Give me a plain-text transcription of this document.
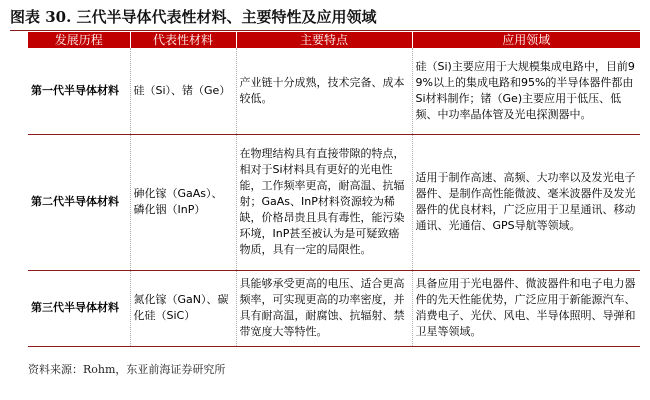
图表 30. 三代半导体代表性材料、主要特性及应用领域
发展历程	代表性材料	主要特点	应用领域
第一代半导体材料	硅（Si）、锗（Ge）	产业链十分成熟，技术完备、成本较低。	硅（Si)主要应用于大规模集成电路中，目前99%以上的集成电路和95%的半导体器件都由Si材料制作；锗（Ge)主要应用于低压、低频、中功率晶体管及光电探测器中。
第二代半导体材料	砷化镓（GaAs）、磷化铟（InP）	在物理结构具有直接带隙的特点，相对于Si材料具有更好的光电性能，工作频率更高，耐高温、抗辐射；GaAs、InP材料资源较为稀缺，价格昂贵且具有毒性，能污染环境，InP甚至被认为是可疑致癌物质，具有一定的局限性。	适用于制作高速、高频、大功率以及发光电子器件、是制作高性能微波、毫米波器件及发光器件的优良材料，广泛应用于卫星通讯、移动通讯、光通信、GPS导航等领域。
第三代半导体材料	氮化镓（GaN）、碳化硅（SiC）	具能够承受更高的电压、适合更高频率，可实现更高的功率密度，并具有耐高温，耐腐蚀、抗辐射、禁带宽度大等特性。	具备应用于光电器件、微波器件和电子电力器件的先天性能优势，广泛应用于新能源汽车、消费电子、光伏、风电、半导体照明、导弹和卫星等领域。
资料来源：Rohm，东亚前海证券研究所
